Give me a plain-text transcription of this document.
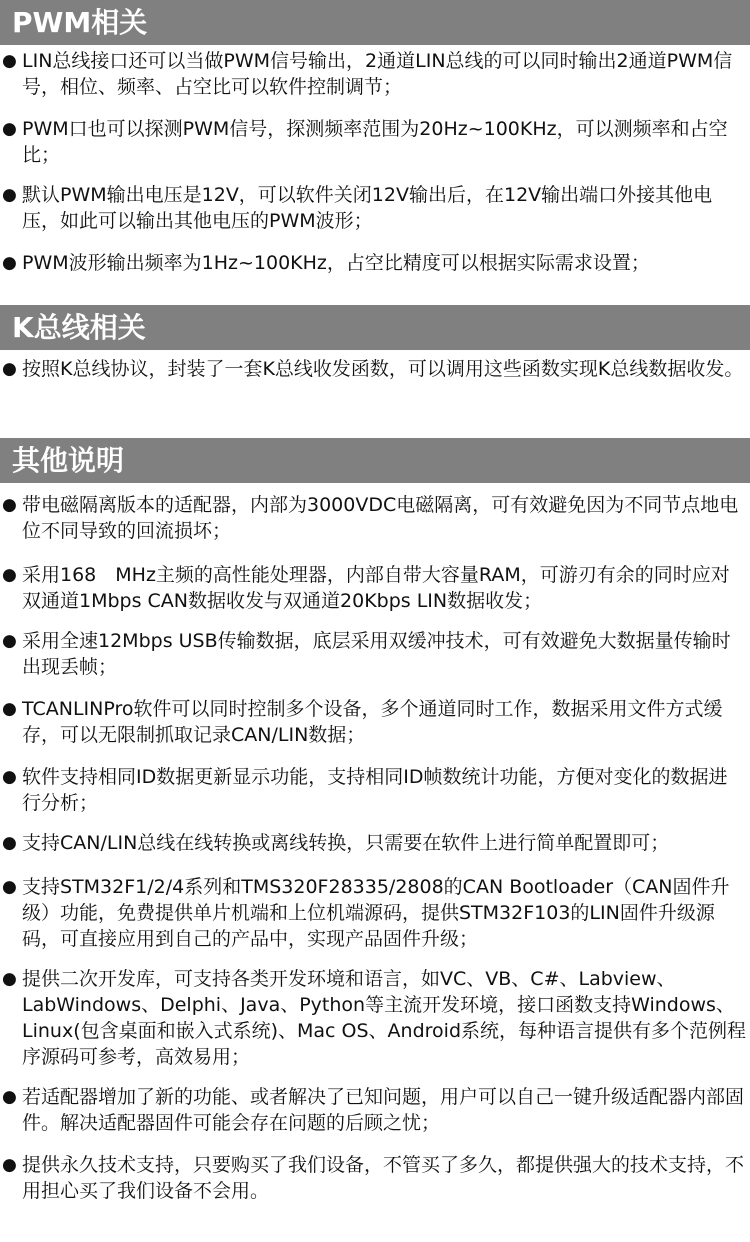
PWM相关
● LIN总线接口还可以当做PWM信号输出，2通道LIN总线的可以同时输出2通道PWM信号，相位、频率、占空比可以软件控制调节；
● PWM口也可以探测PWM信号，探测频率范围为20Hz~100KHz，可以测频率和占空比；
● 默认PWM输出电压是12V，可以软件关闭12V输出后，在12V输出端口外接其他电压，如此可以输出其他电压的PWM波形；
● PWM波形输出频率为1Hz~100KHz，占空比精度可以根据实际需求设置；
K总线相关
● 按照K总线协议，封装了一套K总线收发函数，可以调用这些函数实现K总线数据收发。
其他说明
● 带电磁隔离版本的适配器，内部为3000VDC电磁隔离，可有效避免因为不同节点地电位不同导致的回流损坏；
● 采用168　MHz主频的高性能处理器，内部自带大容量RAM，可游刃有余的同时应对双通道1Mbps CAN数据收发与双通道20Kbps LIN数据收发；
● 采用全速12Mbps USB传输数据，底层采用双缓冲技术，可有效避免大数据量传输时出现丢帧；
● TCANLINPro软件可以同时控制多个设备，多个通道同时工作，数据采用文件方式缓存，可以无限制抓取记录CAN/LIN数据；
● 软件支持相同ID数据更新显示功能，支持相同ID帧数统计功能，方便对变化的数据进行分析；
● 支持CAN/LIN总线在线转换或离线转换，只需要在软件上进行简单配置即可；
● 支持STM32F1/2/4系列和TMS320F28335/2808的CAN Bootloader（CAN固件升级）功能，免费提供单片机端和上位机端源码，提供STM32F103的LIN固件升级源码，可直接应用到自己的产品中，实现产品固件升级；
● 提供二次开发库，可支持各类开发环境和语言，如VC、VB、C#、Labview、LabWindows、Delphi、Java、Python等主流开发环境，接口函数支持Windows、Linux(包含桌面和嵌入式系统)、Mac OS、Android系统，每种语言提供有多个范例程序源码可参考，高效易用；
● 若适配器增加了新的功能、或者解决了已知问题，用户可以自己一键升级适配器内部固件。解决适配器固件可能会存在问题的后顾之忧；
● 提供永久技术支持，只要购买了我们设备，不管买了多久，都提供强大的技术支持，不用担心买了我们设备不会用。
